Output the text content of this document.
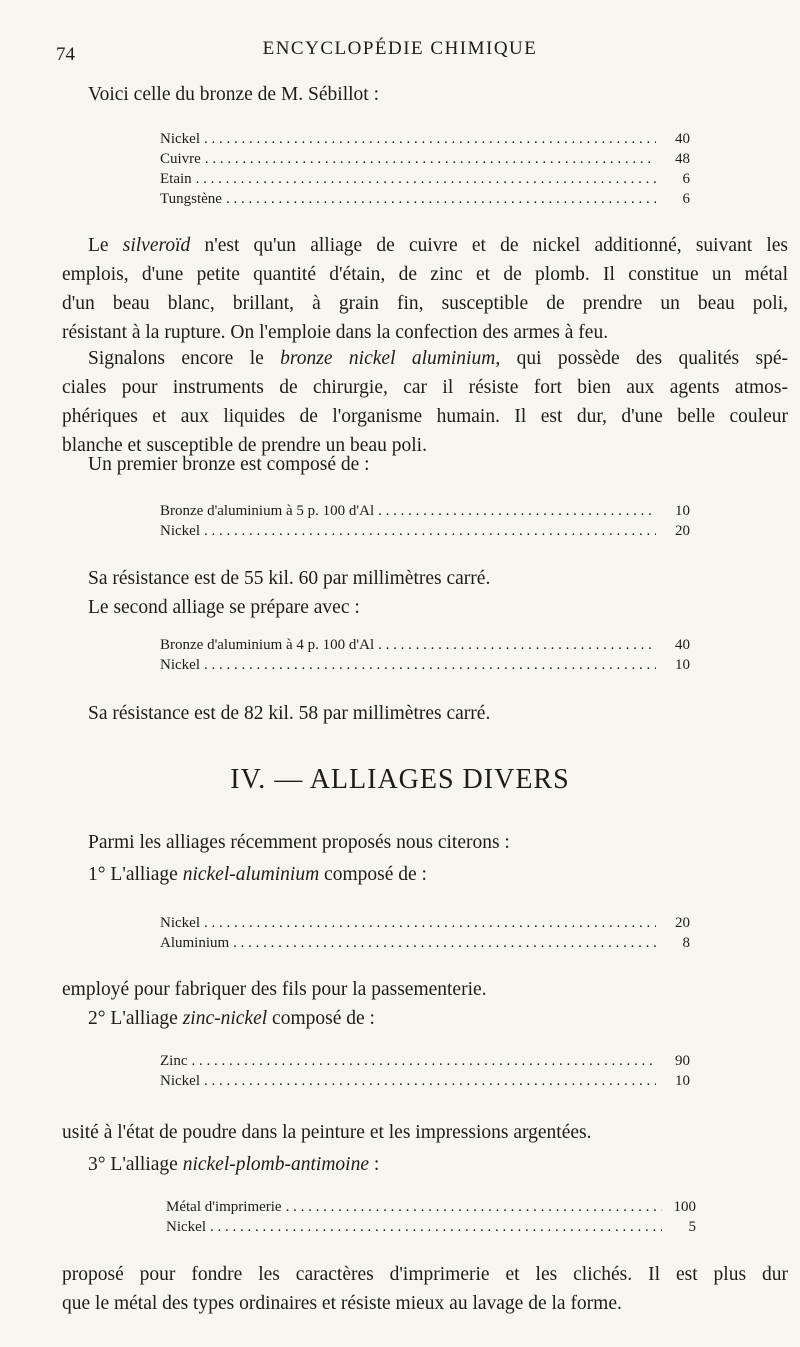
74	ENCYCLOPÉDIE CHIMIQUE
Voici celle du bronze de M. Sébillot :
Nickel . . .	40
Cuivre . . .	48
Etain . . .	6
Tungstène . . .	6
Le silveroïd n'est qu'un alliage de cuivre et de nickel additionné, suivant les
emplois, d'une petite quantité d'étain, de zinc et de plomb. Il constitue un métal
d'un beau blanc, brillant, à grain fin, susceptible de prendre un beau poli,
résistant à la rupture. On l'emploie dans la confection des armes à feu.
Signalons encore le bronze nickel aluminium, qui possède des qualités spé-
ciales pour instruments de chirurgie, car il résiste fort bien aux agents atmos-
phériques et aux liquides de l'organisme humain. Il est dur, d'une belle couleur
blanche et susceptible de prendre un beau poli.
Un premier bronze est composé de :
Bronze d'aluminium à 5 p. 100 d'Al . . .	10
Nickel . . .	20
Sa résistance est de 55 kil. 60 par millimètres carré.
Le second alliage se prépare avec :
Bronze d'aluminium à 4 p. 100 d'Al . . .	40
Nickel . . .	10
Sa résistance est de 82 kil. 58 par millimètres carré.
IV. — ALLIAGES DIVERS
Parmi les alliages récemment proposés nous citerons :
1° L'alliage nickel-aluminium composé de :
Nickel . . .	20
Aluminium . . .	8
employé pour fabriquer des fils pour la passementerie.
2° L'alliage zinc-nickel composé de :
Zinc . . .	90
Nickel . . .	10
usité à l'état de poudre dans la peinture et les impressions argentées.
3° L'alliage nickel-plomb-antimoine :
Métal d'imprimerie . . .	100
Nickel . . .	5
proposé pour fondre les caractères d'imprimerie et les clichés. Il est plus dur
que le métal des types ordinaires et résiste mieux au lavage de la forme.
